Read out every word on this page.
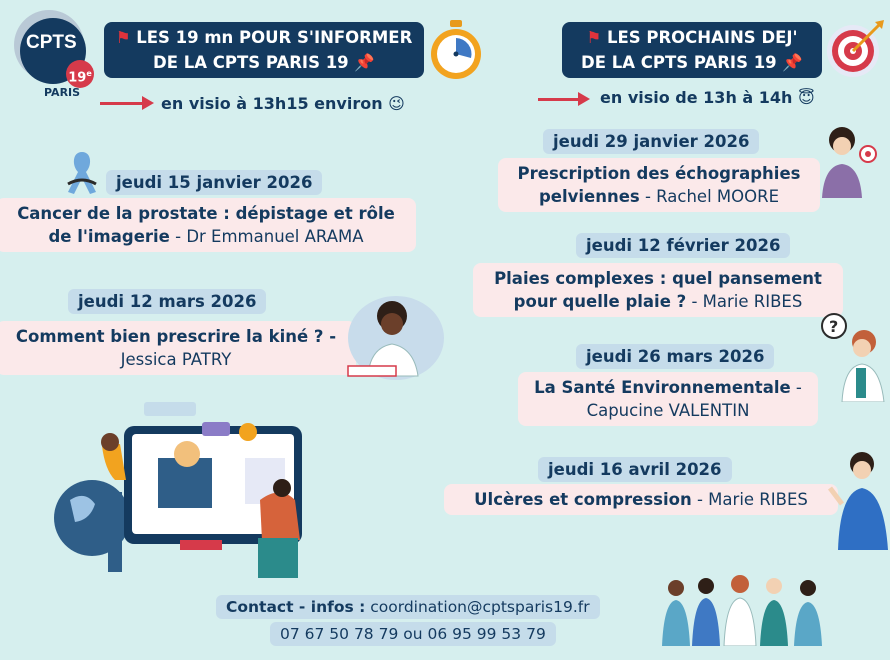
CPTS
19e
PARIS
⚑ LES 19 mn POUR S'INFORMER
DE LA CPTS PARIS 19 📌
en visio à 13h15 environ 😉
⚑ LES PROCHAINS DEJ'
DE LA CPTS PARIS 19 📌
en visio de 13h à 14h 😇
jeudi 15 janvier 2026
Cancer de la prostate : dépistage et rôle de l'imagerie - Dr Emmanuel ARAMA
jeudi 12 mars 2026
Comment bien prescrire la kiné ? -
Jessica PATRY
jeudi 29 janvier 2026
Prescription des échographies
pelviennes - Rachel MOORE
jeudi 12 février 2026
Plaies complexes : quel pansement
pour quelle plaie ? - Marie RIBES
?
jeudi 26 mars 2026
La Santé Environnementale -
Capucine VALENTIN
jeudi 16 avril 2026
Ulcères et compression - Marie RIBES
Contact - infos : coordination@cptsparis19.fr
07 67 50 78 79 ou 06 95 99 53 79
